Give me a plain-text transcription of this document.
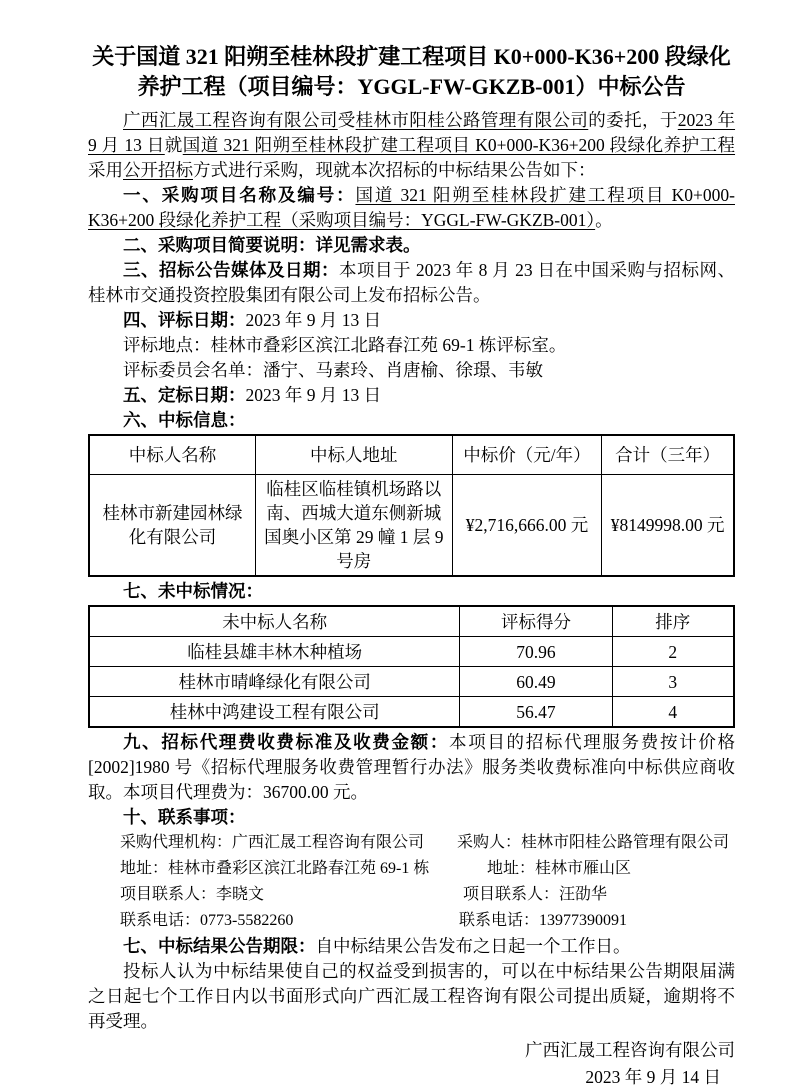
关于国道 321 阳朔至桂林段扩建工程项目 K0+000-K36+200 段绿化养护工程（项目编号：YGGL-FW-GKZB-001）中标公告

广西汇晟工程咨询有限公司受桂林市阳桂公路管理有限公司的委托，于2023 年 9 月 13 日就国道 321 阳朔至桂林段扩建工程项目 K0+000-K36+200 段绿化养护工程采用公开招标方式进行采购，现就本次招标的中标结果公告如下：

一、采购项目名称及编号：国道 321 阳朔至桂林段扩建工程项目 K0+000-K36+200 段绿化养护工程（采购项目编号：YGGL-FW-GKZB-001）。

二、采购项目简要说明：详见需求表。

三、招标公告媒体及日期：本项目于 2023 年 8 月 23 日在中国采购与招标网、桂林市交通投资控股集团有限公司上发布招标公告。

四、评标日期：2023 年 9 月 13 日

评标地点：桂林市叠彩区滨江北路春江苑 69-1 栋评标室。

评标委员会名单：潘宁、马素玲、肖唐榆、徐璟、韦敏

五、定标日期：2023 年 9 月 13 日

六、中标信息：

中标人名称	中标人地址	中标价（元/年）	合计（三年）
桂林市新建园林绿化有限公司	临桂区临桂镇机场路以南、西城大道东侧新城国奥小区第 29 幢 1 层 9 号房	¥2,716,666.00 元	¥8149998.00 元

七、未中标情况：

未中标人名称	评标得分	排序
临桂县雄丰林木种植场	70.96	2
桂林市晴峰绿化有限公司	60.49	3
桂林中鸿建设工程有限公司	56.47	4

九、招标代理费收费标准及收费金额：本项目的招标代理服务费按计价格[2002]1980 号《招标代理服务收费管理暂行办法》服务类收费标准向中标供应商收取。本项目代理费为：36700.00 元。

十、联系事项：

采购代理机构：广西汇晟工程咨询有限公司	采购人：桂林市阳桂公路管理有限公司
地址：桂林市叠彩区滨江北路春江苑 69-1 栋	地址：桂林市雁山区
项目联系人：李晓文	项目联系人：汪劭华
联系电话：0773-5582260	联系电话：13977390091

七、中标结果公告期限：自中标结果公告发布之日起一个工作日。

投标人认为中标结果使自己的权益受到损害的，可以在中标结果公告期限届满之日起七个工作日内以书面形式向广西汇晟工程咨询有限公司提出质疑，逾期将不再受理。

广西汇晟工程咨询有限公司

2023 年 9 月 14 日
